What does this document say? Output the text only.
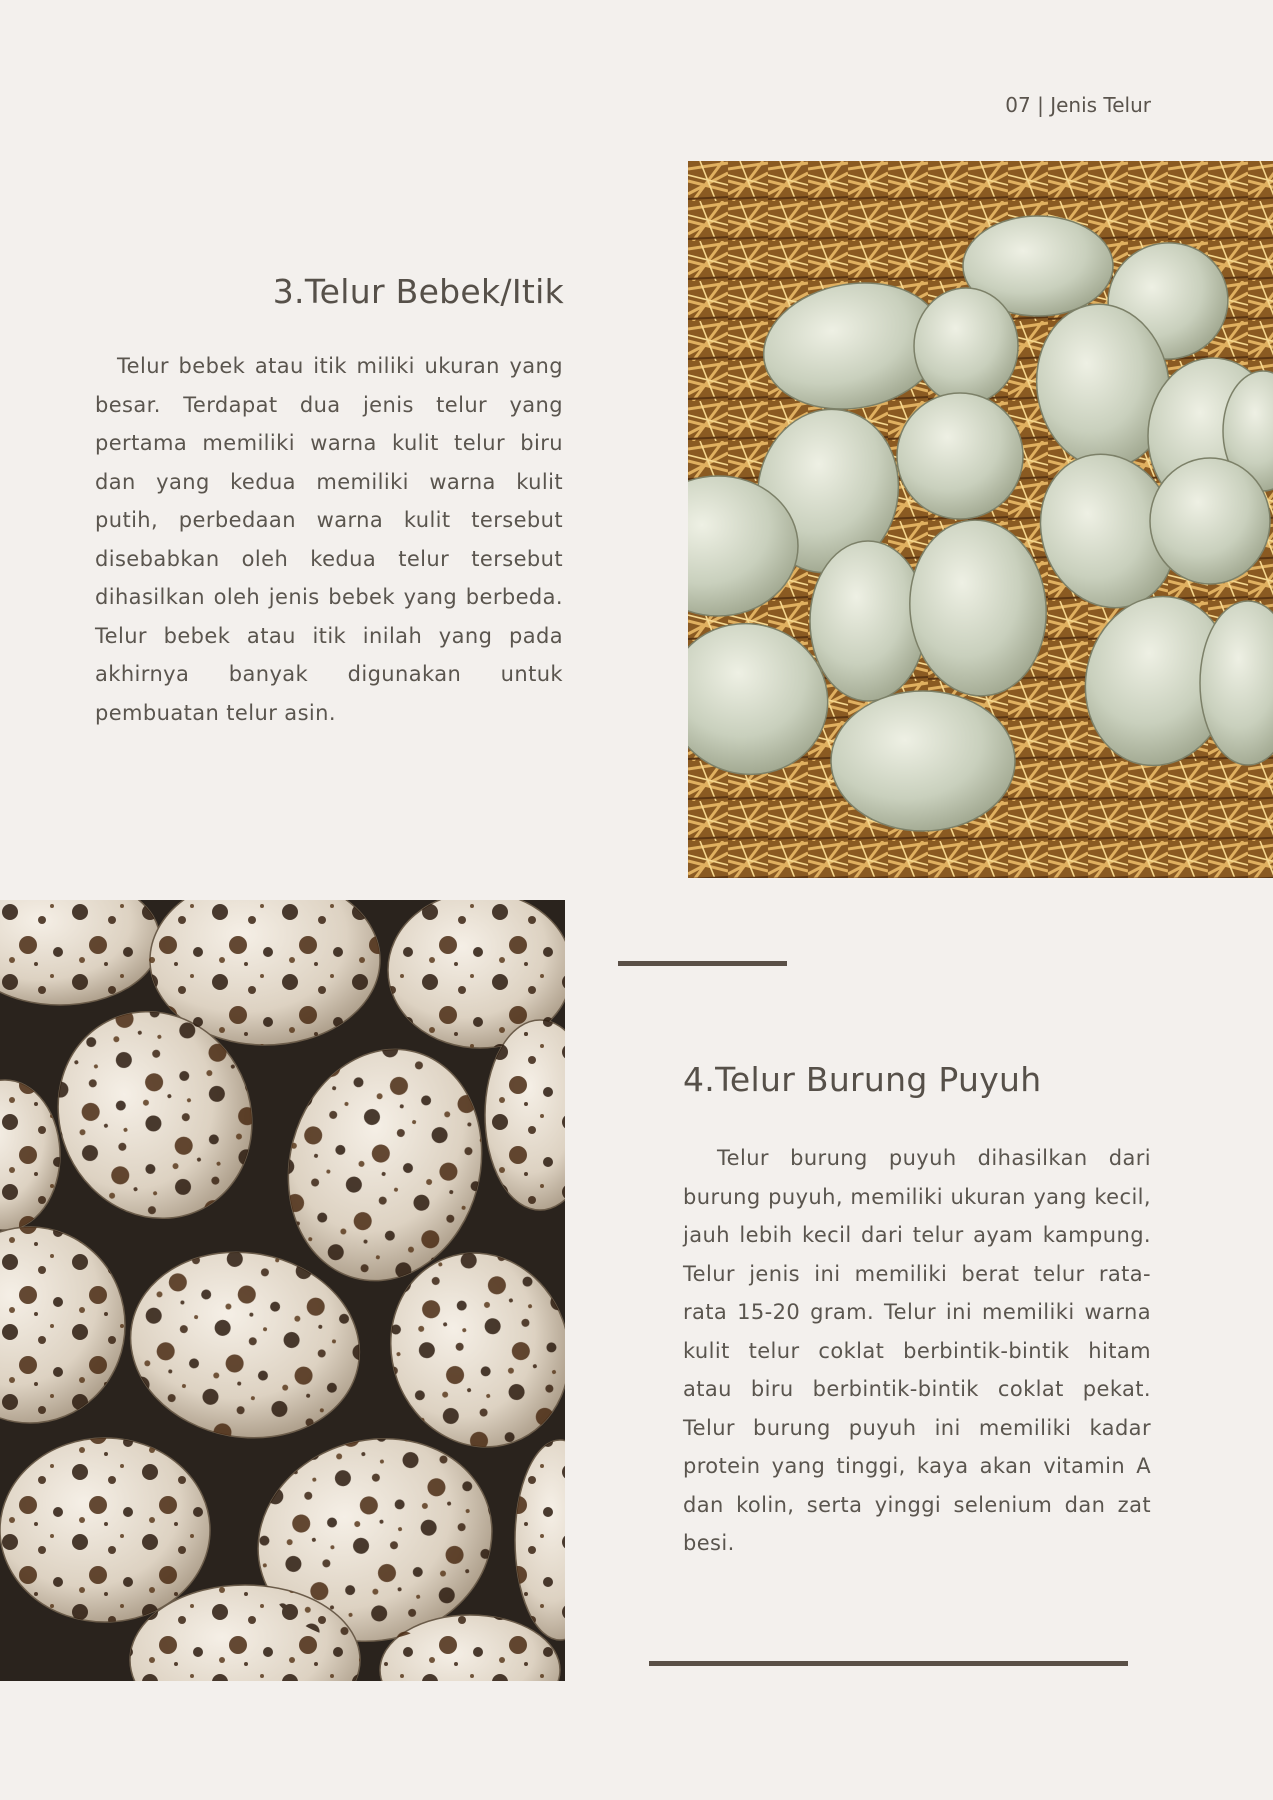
07 | Jenis Telur
3.Telur Bebek/Itik

Telur bebek atau itik miliki ukuran yang besar. Terdapat dua jenis telur yang pertama memiliki warna kulit telur biru dan yang kedua memiliki warna kulit putih, perbedaan warna kulit tersebut disebabkan oleh kedua telur tersebut dihasilkan oleh jenis bebek yang berbeda. Telur bebek atau itik inilah yang pada akhirnya banyak digunakan untuk pembuatan telur asin.

4.Telur Burung Puyuh

Telur burung puyuh dihasilkan dari burung puyuh, memiliki ukuran yang kecil, jauh lebih kecil dari telur ayam kampung. Telur jenis ini memiliki berat telur rata-rata 15-20 gram. Telur ini memiliki warna kulit telur coklat berbintik-bintik hitam atau biru berbintik-bintik coklat pekat. Telur burung puyuh ini memiliki kadar protein yang tinggi, kaya akan vitamin A dan kolin, serta yinggi selenium dan zat besi.
